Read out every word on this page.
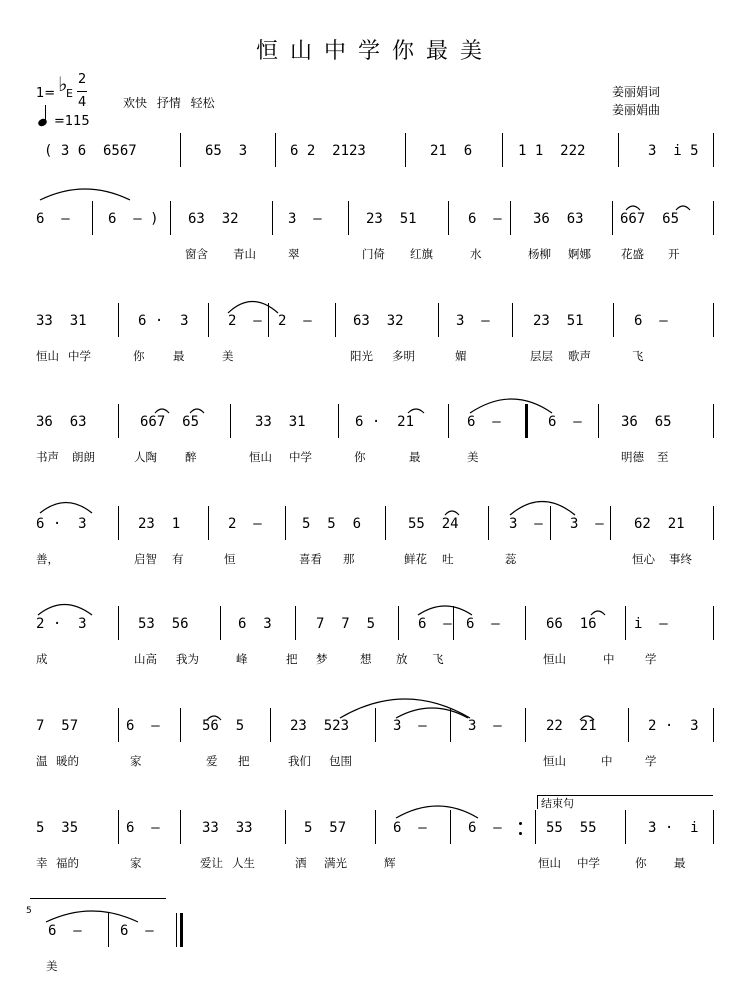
恒山中学你最美
1= ♭
E
2
4
=115
欢快 抒情 轻松
姜丽娟词
姜丽娟曲
( 3 6  6567	65  3	6 2  2123	21  6	1 1  222	3  i 5
6  –	6  – ) 63  32	3  –	23  51	6  – 36  63	667  65
窗含 青山	翠	门倚 红旗	水	杨柳 婀娜	花盛 开
33  31	6 ·  3	2  – 2  –	63  32	3  –	23  51	6  –
恒山 中学	你 最	美	阳光 多明	媚	层层 歌声	飞
36  63	667  65	33  31	6 ·  21	6  –	6  –	36  65
书声 朗朗	人陶 醉	恒山 中学	你	最	美	明德 至
6 ·  3	23  1	2  –	5  5  6	55  24	3  – 3  – 62  21
善，	启智 有	恒	喜看 那	鲜花 吐	蕊	恒心 事终
2 ·  3	53  56	6  3	7  7  5	6  – 6  –	66  16	i  –
成	山高 我为	峰	把 梦	想 放 飞	恒山	中	学
7  57	6  –	56  5	23  523	3  –	3  –	22  21	2 ·  3
温 暖的	家	爱 把	我们 包围	恒山	中	学
5  35	6  –	33  33	5  57	6  –	6  –	55  55	3 ·  i
幸 福的	家	爱让 人生	洒 满光	辉	恒山 中学	你 最
6  –	6  –
美
结束句
5
